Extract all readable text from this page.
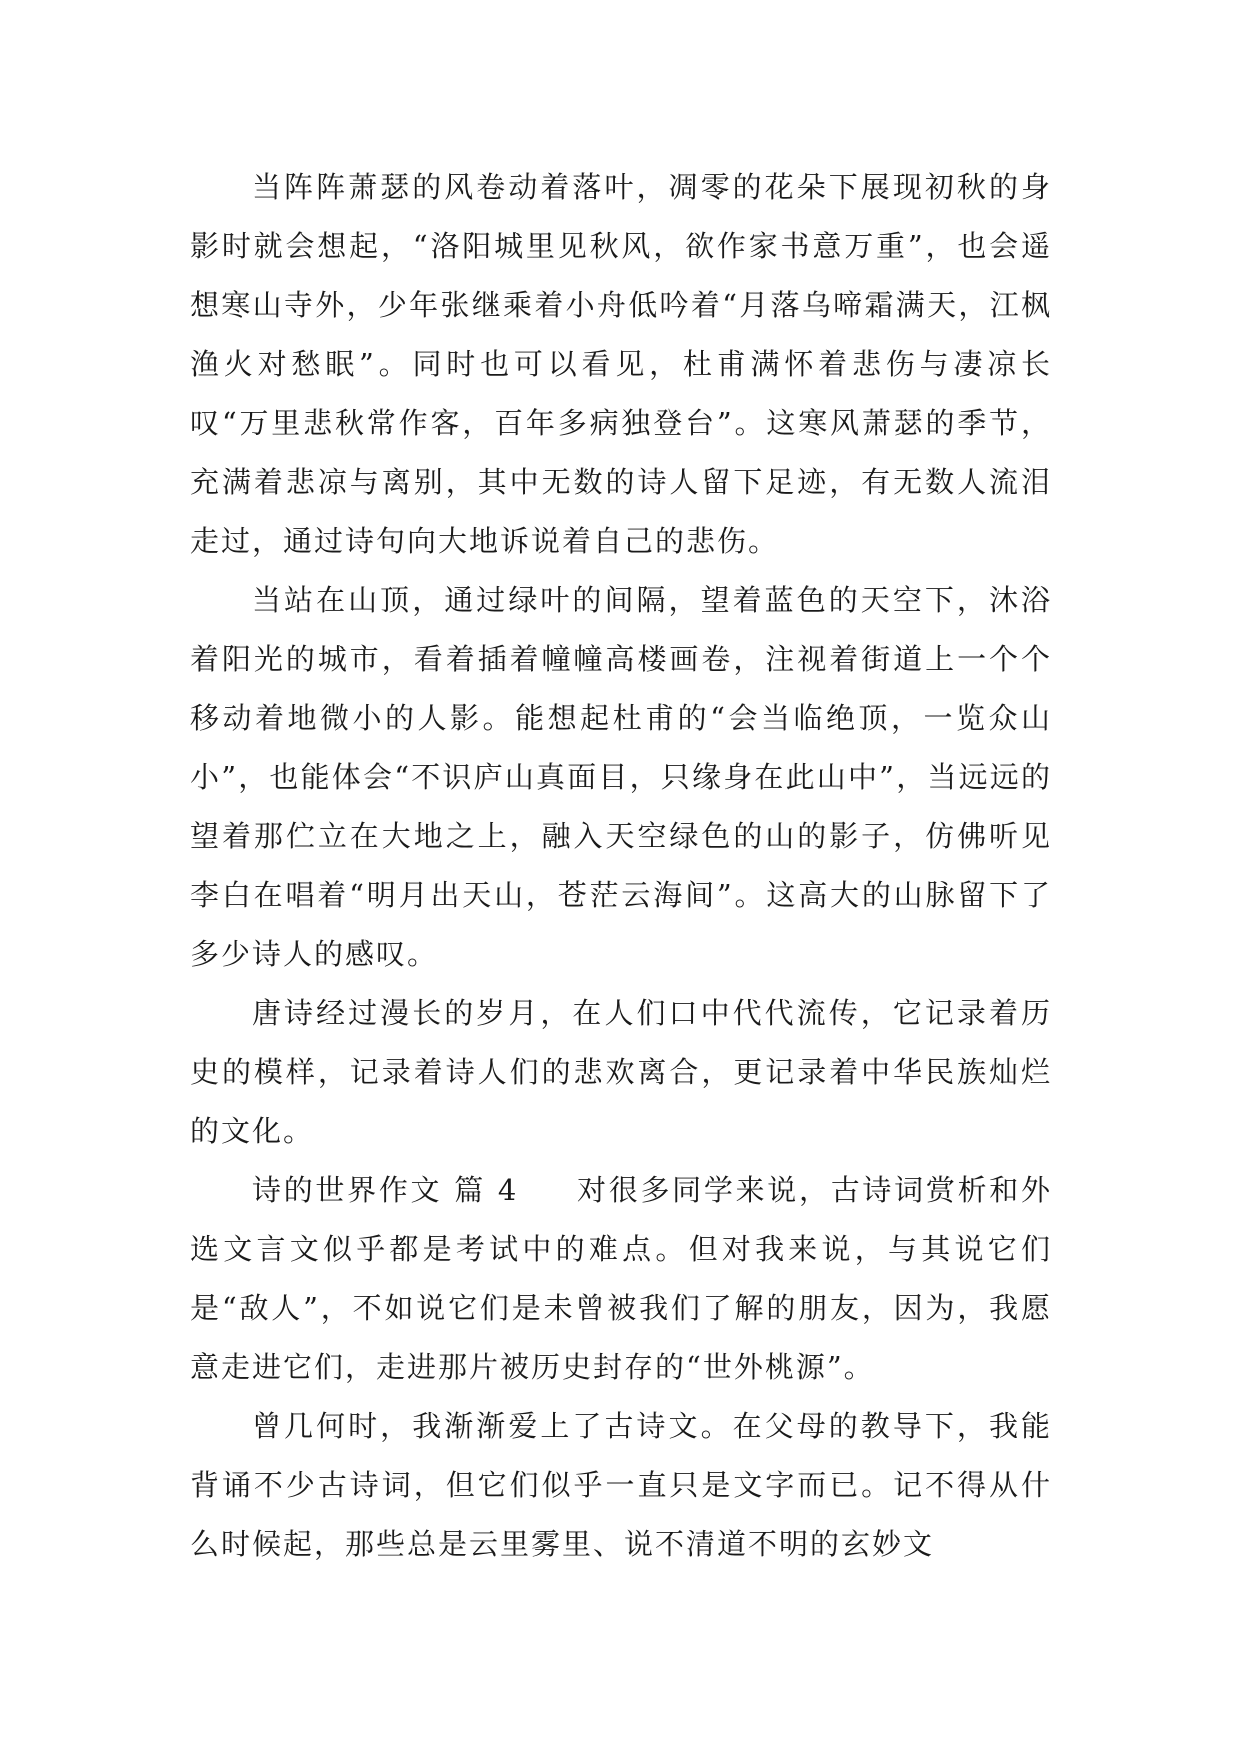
当阵阵萧瑟的风卷动着落叶，凋零的花朵下展现初秋的身影时就会想起，“洛阳城里见秋风，欲作家书意万重”，也会遥想寒山寺外，少年张继乘着小舟低吟着“月落乌啼霜满天，江枫渔火对愁眠”。同时也可以看见，杜甫满怀着悲伤与凄凉长叹“万里悲秋常作客，百年多病独登台”。这寒风萧瑟的季节，充满着悲凉与离别，其中无数的诗人留下足迹，有无数人流泪走过，通过诗句向大地诉说着自己的悲伤。

当站在山顶，通过绿叶的间隔，望着蓝色的天空下，沐浴着阳光的城市，看着插着幢幢高楼画卷，注视着街道上一个个移动着地微小的人影。能想起杜甫的“会当临绝顶，一览众山小”，也能体会“不识庐山真面目，只缘身在此山中”，当远远的望着那伫立在大地之上，融入天空绿色的山的影子，仿佛听见李白在唱着“明月出天山，苍茫云海间”。这高大的山脉留下了多少诗人的感叹。

唐诗经过漫长的岁月，在人们口中代代流传，它记录着历史的模样，记录着诗人们的悲欢离合，更记录着中华民族灿烂的文化。

诗的世界作文 篇 4 对很多同学来说，古诗词赏析和外选文言文似乎都是考试中的难点。但对我来说，与其说它们是“敌人”，不如说它们是未曾被我们了解的朋友，因为，我愿意走进它们，走进那片被历史封存的“世外桃源”。

曾几何时，我渐渐爱上了古诗文。在父母的教导下，我能背诵不少古诗词，但它们似乎一直只是文字而已。记不得从什么时候起，那些总是云里雾里、说不清道不明的玄妙文
